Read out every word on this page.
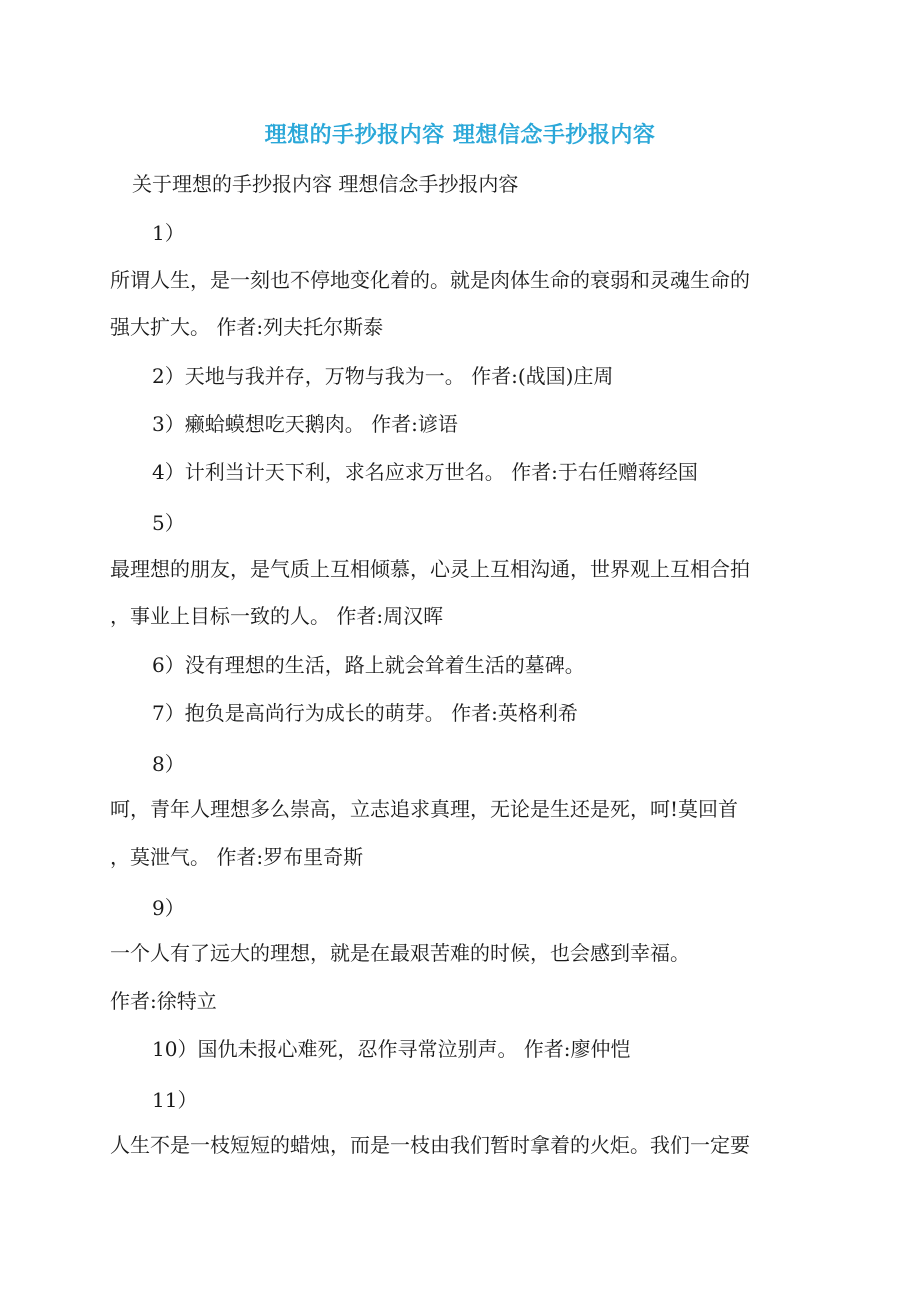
理想的手抄报内容 理想信念手抄报内容
关于理想的手抄报内容 理想信念手抄报内容
1）
所谓人生，是一刻也不停地变化着的。就是肉体生命的衰弱和灵魂生命的
强大扩大。 作者:列夫托尔斯泰
2）天地与我并存，万物与我为一。 作者:(战国)庄周
3）癞蛤蟆想吃天鹅肉。 作者:谚语
4）计利当计天下利，求名应求万世名。 作者:于右任赠蒋经国
5）
最理想的朋友，是气质上互相倾慕，心灵上互相沟通，世界观上互相合拍
，事业上目标一致的人。 作者:周汉晖
6）没有理想的生活，路上就会耸着生活的墓碑。
7）抱负是高尚行为成长的萌芽。 作者:英格利希
8）
呵，青年人理想多么崇高，立志追求真理，无论是生还是死，呵!莫回首
，莫泄气。 作者:罗布里奇斯
9）
一个人有了远大的理想，就是在最艰苦难的时候，也会感到幸福。
作者:徐特立
10）国仇未报心难死，忍作寻常泣别声。 作者:廖仲恺
11）
人生不是一枝短短的蜡烛，而是一枝由我们暂时拿着的火炬。我们一定要
